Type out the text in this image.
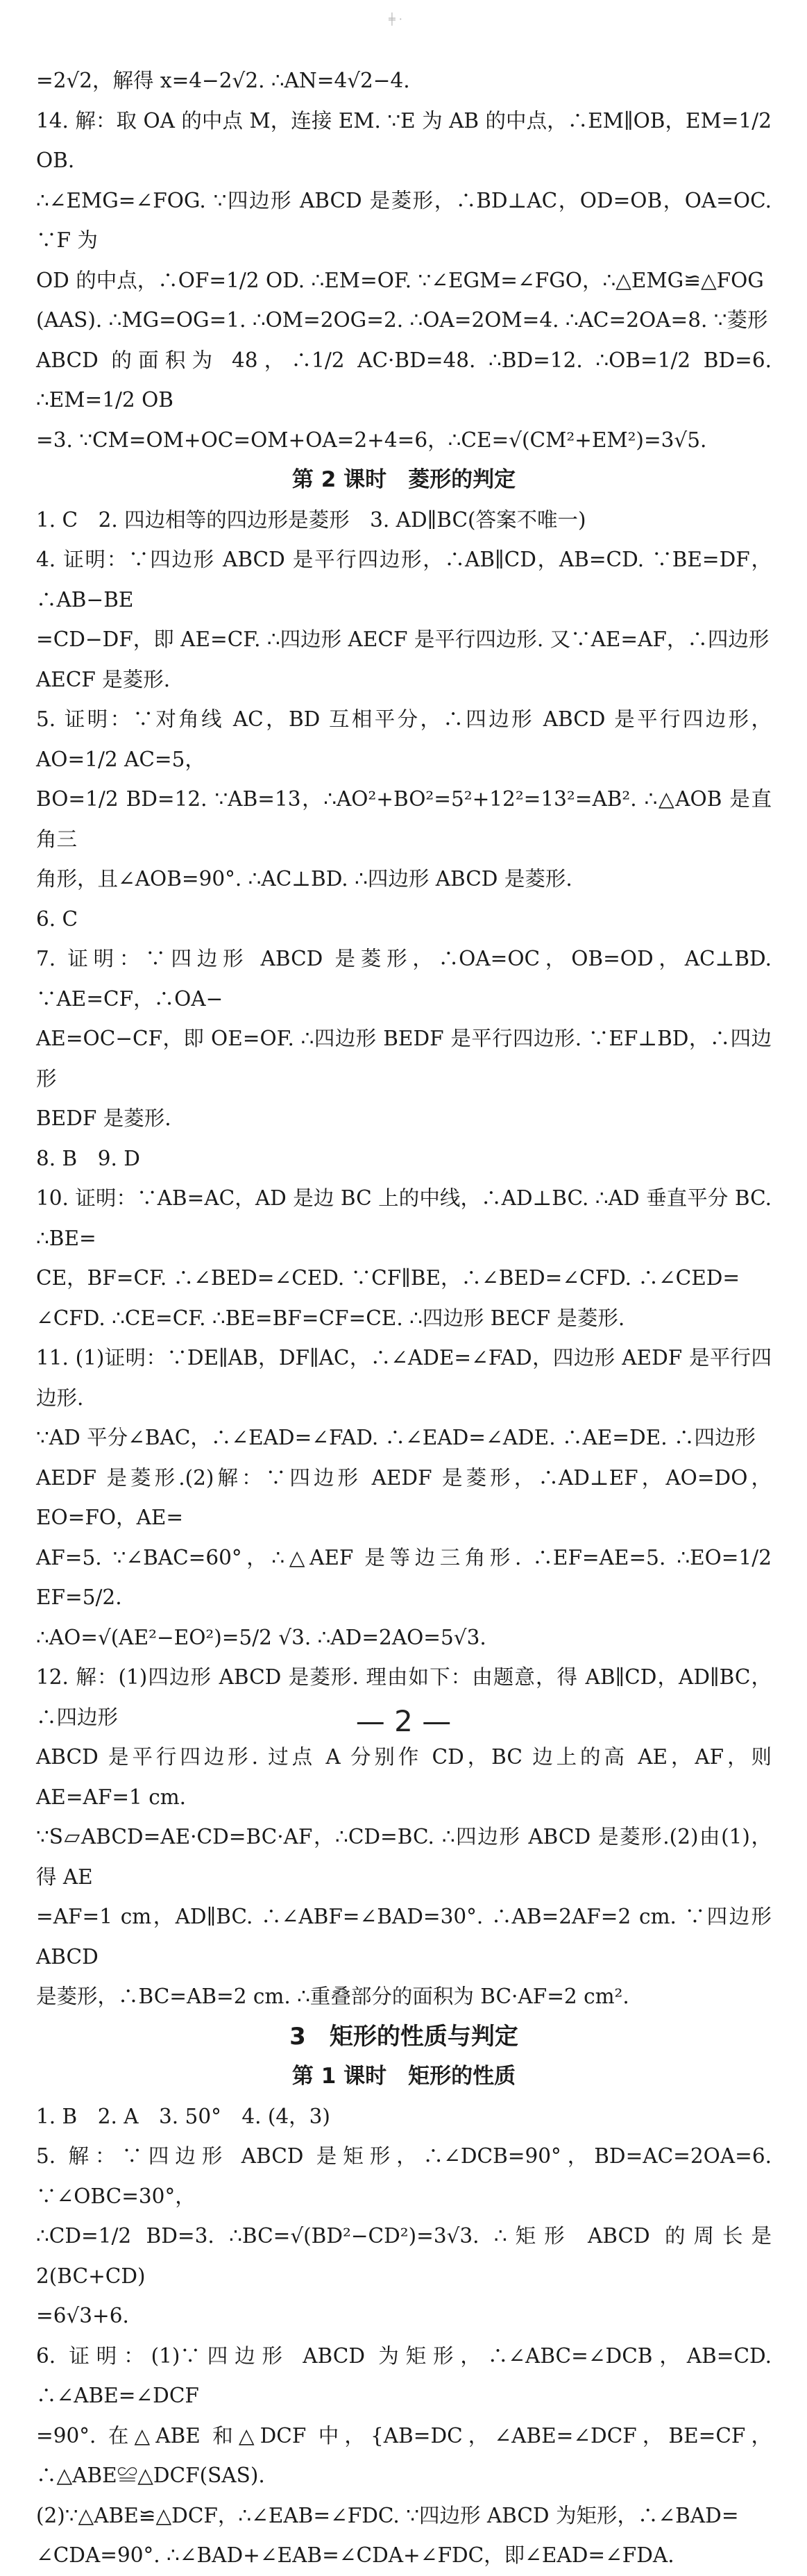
╪ ·
=2√2，解得 x=4−2√2. ∴AN=4√2−4.
14. 解：取 OA 的中点 M，连接 EM. ∵E 为 AB 的中点，∴EM∥OB，EM=1/2 OB.
∴∠EMG=∠FOG. ∵四边形 ABCD 是菱形，∴BD⊥AC，OD=OB，OA=OC. ∵F 为
OD 的中点，∴OF=1/2 OD. ∴EM=OF. ∵∠EGM=∠FGO，∴△EMG≌△FOG
(AAS). ∴MG=OG=1. ∴OM=2OG=2. ∴OA=2OM=4. ∴AC=2OA=8. ∵菱形
ABCD 的面积为 48，∴1/2 AC·BD=48. ∴BD=12. ∴OB=1/2 BD=6. ∴EM=1/2 OB
=3. ∵CM=OM+OC=OM+OA=2+4=6，∴CE=√(CM²+EM²)=3√5.
第 2 课时　菱形的判定
1. C　2. 四边相等的四边形是菱形　3. AD∥BC(答案不唯一)
4. 证明：∵四边形 ABCD 是平行四边形，∴AB∥CD，AB=CD. ∵BE=DF，∴AB−BE
=CD−DF，即 AE=CF. ∴四边形 AECF 是平行四边形. 又∵AE=AF，∴四边形
AECF 是菱形.
5. 证明：∵对角线 AC，BD 互相平分，∴四边形 ABCD 是平行四边形，AO=1/2 AC=5，
BO=1/2 BD=12. ∵AB=13，∴AO²+BO²=5²+12²=13²=AB². ∴△AOB 是直角三
角形，且∠AOB=90°. ∴AC⊥BD. ∴四边形 ABCD 是菱形.
6. C
7. 证明：∵四边形 ABCD 是菱形，∴OA=OC，OB=OD，AC⊥BD. ∵AE=CF，∴OA−
AE=OC−CF，即 OE=OF. ∴四边形 BEDF 是平行四边形. ∵EF⊥BD，∴四边形
BEDF 是菱形.
8. B　9. D
10. 证明：∵AB=AC，AD 是边 BC 上的中线，∴AD⊥BC. ∴AD 垂直平分 BC. ∴BE=
CE，BF=CF. ∴∠BED=∠CED. ∵CF∥BE，∴∠BED=∠CFD. ∴∠CED=
∠CFD. ∴CE=CF. ∴BE=BF=CF=CE. ∴四边形 BECF 是菱形.
11. (1)证明：∵DE∥AB，DF∥AC，∴∠ADE=∠FAD，四边形 AEDF 是平行四边形.
∵AD 平分∠BAC，∴∠EAD=∠FAD. ∴∠EAD=∠ADE. ∴AE=DE. ∴四边形
AEDF 是菱形.(2)解：∵四边形 AEDF 是菱形，∴AD⊥EF，AO=DO，EO=FO，AE=
AF=5. ∵∠BAC=60°，∴△AEF 是等边三角形. ∴EF=AE=5. ∴EO=1/2 EF=5/2.
∴AO=√(AE²−EO²)=5/2 √3. ∴AD=2AO=5√3.
12. 解：(1)四边形 ABCD 是菱形. 理由如下：由题意，得 AB∥CD，AD∥BC，∴四边形
ABCD 是平行四边形. 过点 A 分别作 CD，BC 边上的高 AE，AF，则 AE=AF=1 cm.
∵S▱ABCD=AE·CD=BC·AF，∴CD=BC. ∴四边形 ABCD 是菱形.(2)由(1)，得 AE
=AF=1 cm，AD∥BC. ∴∠ABF=∠BAD=30°. ∴AB=2AF=2 cm. ∵四边形ABCD
是菱形，∴BC=AB=2 cm. ∴重叠部分的面积为 BC·AF=2 cm².
3　矩形的性质与判定
第 1 课时　矩形的性质
1. B　2. A　3. 50°　4. (4，3)
5. 解：∵四边形 ABCD 是矩形，∴∠DCB=90°，BD=AC=2OA=6. ∵∠OBC=30°，
∴CD=1/2 BD=3. ∴BC=√(BD²−CD²)=3√3. ∴矩形 ABCD 的周长是 2(BC+CD)
=6√3+6.
6. 证明：(1)∵四边形 ABCD 为矩形，∴∠ABC=∠DCB，AB=CD. ∴∠ABE=∠DCF
=90°. 在△ABE 和△DCF 中，{AB=DC，∠ABE=∠DCF，BE=CF，∴△ABE≌△DCF(SAS).
(2)∵△ABE≌△DCF，∴∠EAB=∠FDC. ∵四边形 ABCD 为矩形，∴∠BAD=
∠CDA=90°. ∴∠BAD+∠EAB=∠CDA+∠FDC，即∠EAD=∠FDA.
— 2 —
